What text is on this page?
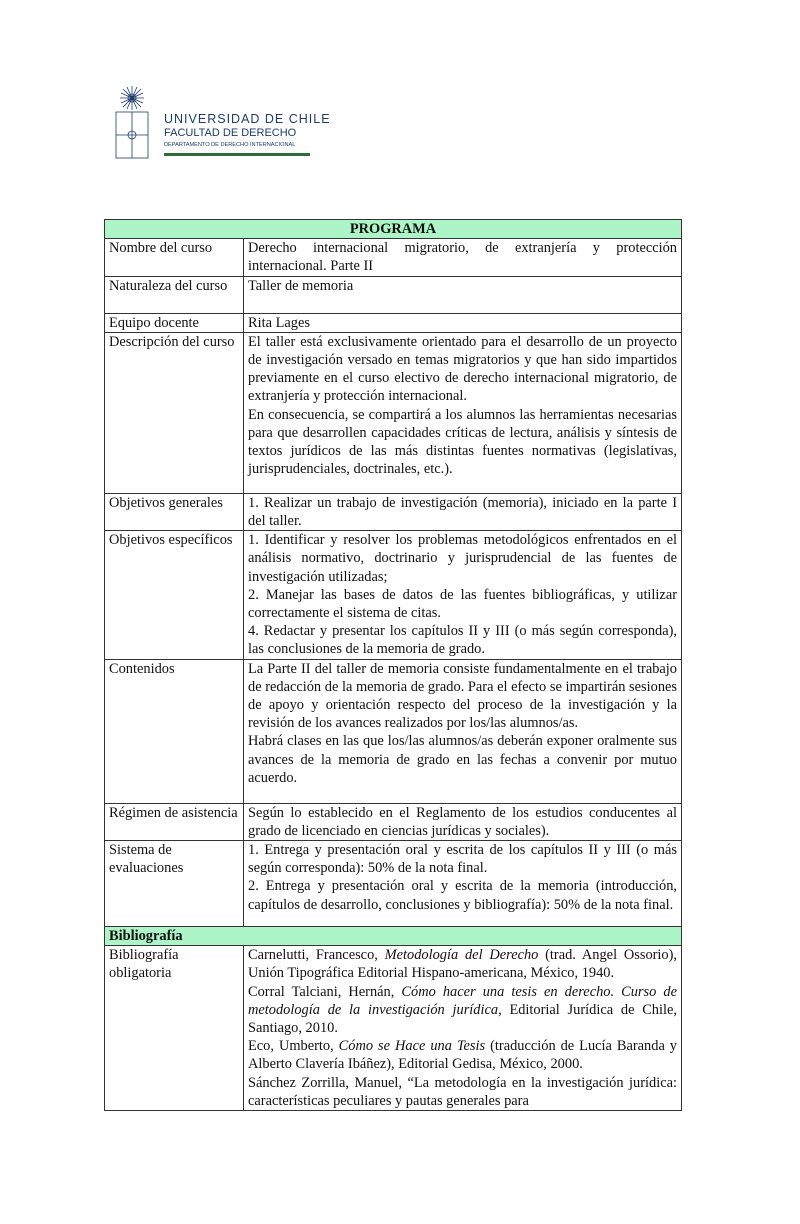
UNIVERSIDAD DE CHILE
FACULTAD DE DERECHO
DEPARTAMENTO DE DERECHO INTERNACIONAL
PROGRAMA	
Nombre del curso	Derecho internacional migratorio, de extranjería y protección internacional. Parte II

Naturaleza del curso	Taller de memoria

Equipo docente	Rita Lages

Descripción del curso	El taller está exclusivamente orientado para el desarrollo de un proyecto de investigación versado en temas migratorios y que han sido impartidos previamente en el curso electivo de derecho internacional migratorio, de extranjería y protección internacional.

En consecuencia, se compartirá a los alumnos las herramientas necesarias para que desarrollen capacidades críticas de lectura, análisis y síntesis de textos jurídicos de las más distintas fuentes normativas (legislativas, jurisprudenciales, doctrinales, etc.).

Objetivos generales	1. Realizar un trabajo de investigación (memoria), iniciado en la parte I del taller.

Objetivos específicos	1. Identificar y resolver los problemas metodológicos enfrentados en el análisis normativo, doctrinario y jurisprudencial de las fuentes de investigación utilizadas;

2. Manejar las bases de datos de las fuentes bibliográficas, y utilizar correctamente el sistema de citas.

4. Redactar y presentar los capítulos II y III (o más según corresponda), las conclusiones de la memoria de grado.

Contenidos	La Parte II del taller de memoria consiste fundamentalmente en el trabajo de redacción de la memoria de grado. Para el efecto se impartirán sesiones de apoyo y orientación respecto del proceso de la investigación y la revisión de los avances realizados por los/las alumnos/as.

Habrá clases en las que los/las alumnos/as deberán exponer oralmente sus avances de la memoria de grado en las fechas a convenir por mutuo acuerdo.

Régimen de asistencia	Según lo establecido en el Reglamento de los estudios conducentes al grado de licenciado en ciencias jurídicas y sociales).

Sistema de evaluaciones	1. Entrega y presentación oral y escrita de los capítulos II y III (o más según corresponda): 50% de la nota final.

2. Entrega y presentación oral y escrita de la memoria (introducción, capítulos de desarrollo, conclusiones y bibliografía): 50% de la nota final.

Bibliografía	
Bibliografía obligatoria	Carnelutti, Francesco, Metodología del Derecho (trad. Angel Ossorio), Unión Tipográfica Editorial Hispano-americana, México, 1940.

Corral Talciani, Hernán, Cómo hacer una tesis en derecho. Curso de metodología de la investigación jurídica, Editorial Jurídica de Chile, Santiago, 2010.

Eco, Umberto, Cómo se Hace una Tesis (traducción de Lucía Baranda y Alberto Clavería Ibáñez), Editorial Gedisa, México, 2000.

Sánchez Zorrilla, Manuel, “La metodología en la investigación jurídica: características peculiares y pautas generales para
